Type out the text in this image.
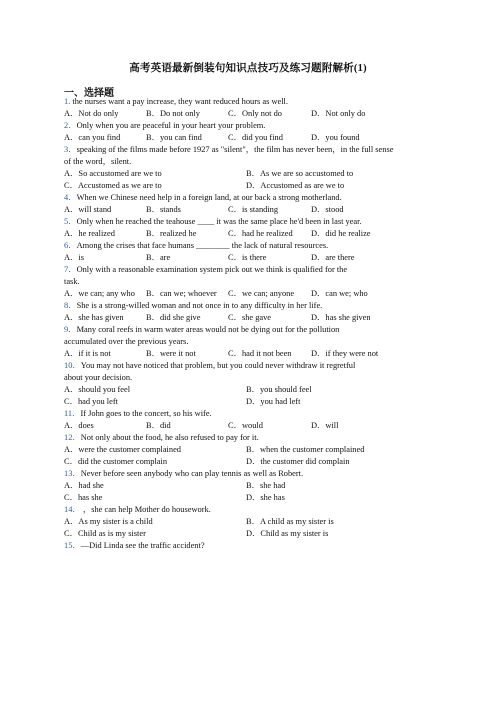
高考英语最新倒装句知识点技巧及练习题附解析(1)
一、选择题
1. the nurses want a pay increase, they want reduced hours as well.
A．Not do only	B．Do not only	C．Only not do	D．Not only do
2．Only when you are peaceful in your heart your problem.
A．can you find	B．you can find	C．did you find	D．you found
3．speaking of the films made before 1927 as "silent"，the film has never been，in the full sense
of the word，silent.
A．So accustomed are we to	B．As we are so accustomed to
C．Accustomed as we are to	D．Accustomed as are we to
4．When we Chinese need help in a foreign land, at our back a strong motherland.
A．will stand	B．stands	C．is standing	D．stood
5．Only when he reached the teahouse ____ it was the same place he'd been in last year.
A．he realized	B．realized he	C．had he realized D．did he realize
6．Among the crises that face humans ________ the lack of natural resources.
A．is	B．are	C．is there	D．are there
7．Only with a reasonable examination system pick out we think is qualified for the
task.
A．we can; any who B．can we; whoever C．we can; anyone D．can we; who
8．She is a strong-willed woman and not once in to any difficulty in her life.
A．she has given	B．did she give	C．she gave	D．has she given
9．Many coral reefs in warm water areas would not be dying out for the pollution
accumulated over the previous years.
A．if it is not	B．were it not	C．had it not been D．if they were not
10．You may not have noticed that problem, but you could never withdraw it regretful
about your decision.
A．should you feel	B．you should feel
C．had you left	D．you had left
11．If John goes to the concert, so his wife.
A．does	B．did	C．would	D．will
12．Not only about the food, he also refused to pay for it.
A．were the customer complained	B．when the customer complained
C．did the customer complain	D．the customer did complain
13．Never before seen anybody who can play tennis as well as Robert.
A．had she	B．she had
C．has she	D．she has
14． ，she can help Mother do housework.
A．As my sister is a child	B．A child as my sister is
C．Child as is my sister	D．Child as my sister is
15．—Did Linda see the traffic accident?
